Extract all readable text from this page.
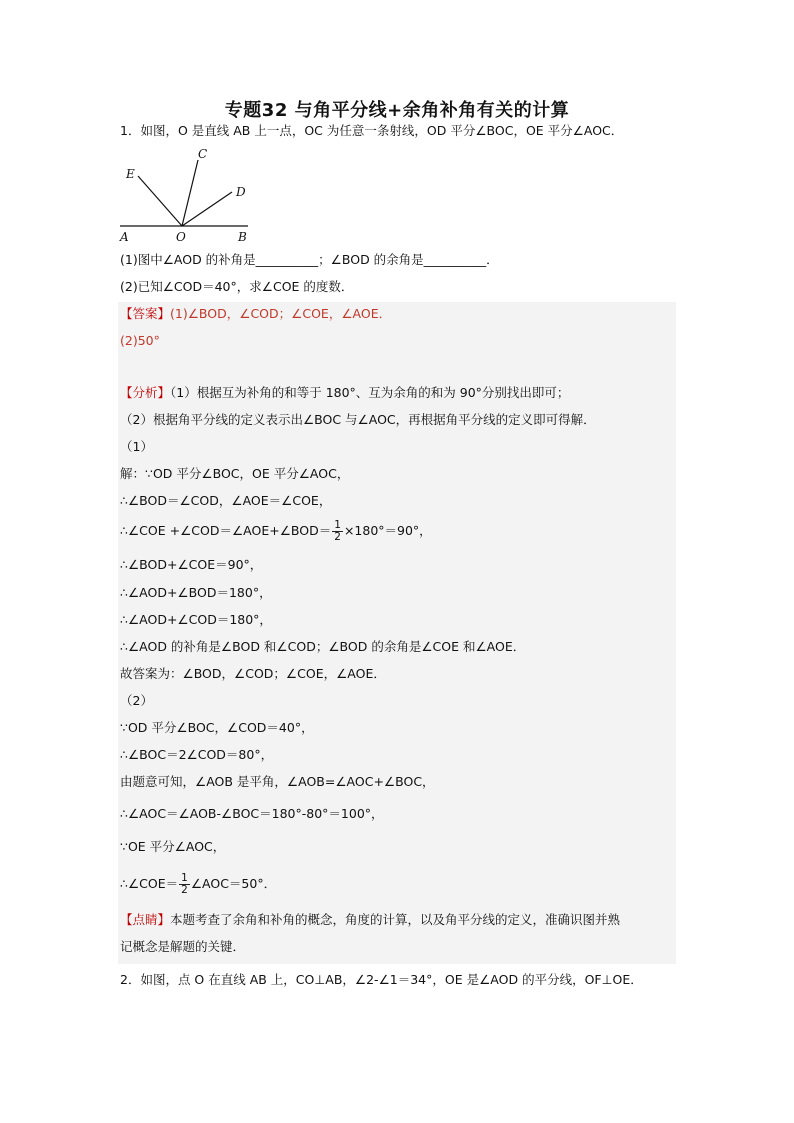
专题32 与角平分线+余角补角有关的计算
1．如图，O 是直线 AB 上一点，OC 为任意一条射线，OD 平分∠BOC，OE 平分∠AOC．
E
C
D
A	O	B
(1)图中∠AOD 的补角是__________；∠BOD 的余角是__________．
(2)已知∠COD＝40°，求∠COE 的度数．
【答案】(1)∠BOD，∠COD；∠COE，∠AOE．
(2)50°
【分析】（1）根据互为补角的和等于 180°、互为余角的和为 90°分别找出即可；
（2）根据角平分线的定义表示出∠BOC 与∠AOC，再根据角平分线的定义即可得解．
（1）
解：∵OD 平分∠BOC，OE 平分∠AOC，
∴∠BOD＝∠COD，∠AOE＝∠COE，
∴∠COE +∠COD＝∠AOE+∠BOD＝ $\frac{1}{2} \times 180^\circ=90^\circ$，
∴∠BOD+∠COE＝90°，
∴∠AOD+∠BOD＝180°，
∴∠AOD+∠COD＝180°，
∴∠AOD 的补角是∠BOD 和∠COD；∠BOD 的余角是∠COE 和∠AOE．
故答案为：∠BOD，∠COD；∠COE，∠AOE．
（2）
∵OD 平分∠BOC，∠COD＝40°，
∴∠BOC＝2∠COD＝80°，
由题意可知，∠AOB 是平角，∠AOB=∠AOC+∠BOC，
∴∠AOC＝∠AOB-∠BOC＝180°-80°＝100°，
∵OE 平分∠AOC，
∴∠COE＝ $\frac{1}{2}$ ∠AOC＝50°．
【点睛】本题考查了余角和补角的概念，角度的计算，以及角平分线的定义，准确识图并熟
记概念是解题的关键．
2．如图，点 O 在直线 AB 上，CO⊥AB，∠2-∠1＝34°，OE 是∠AOD 的平分线，OF⊥OE．
